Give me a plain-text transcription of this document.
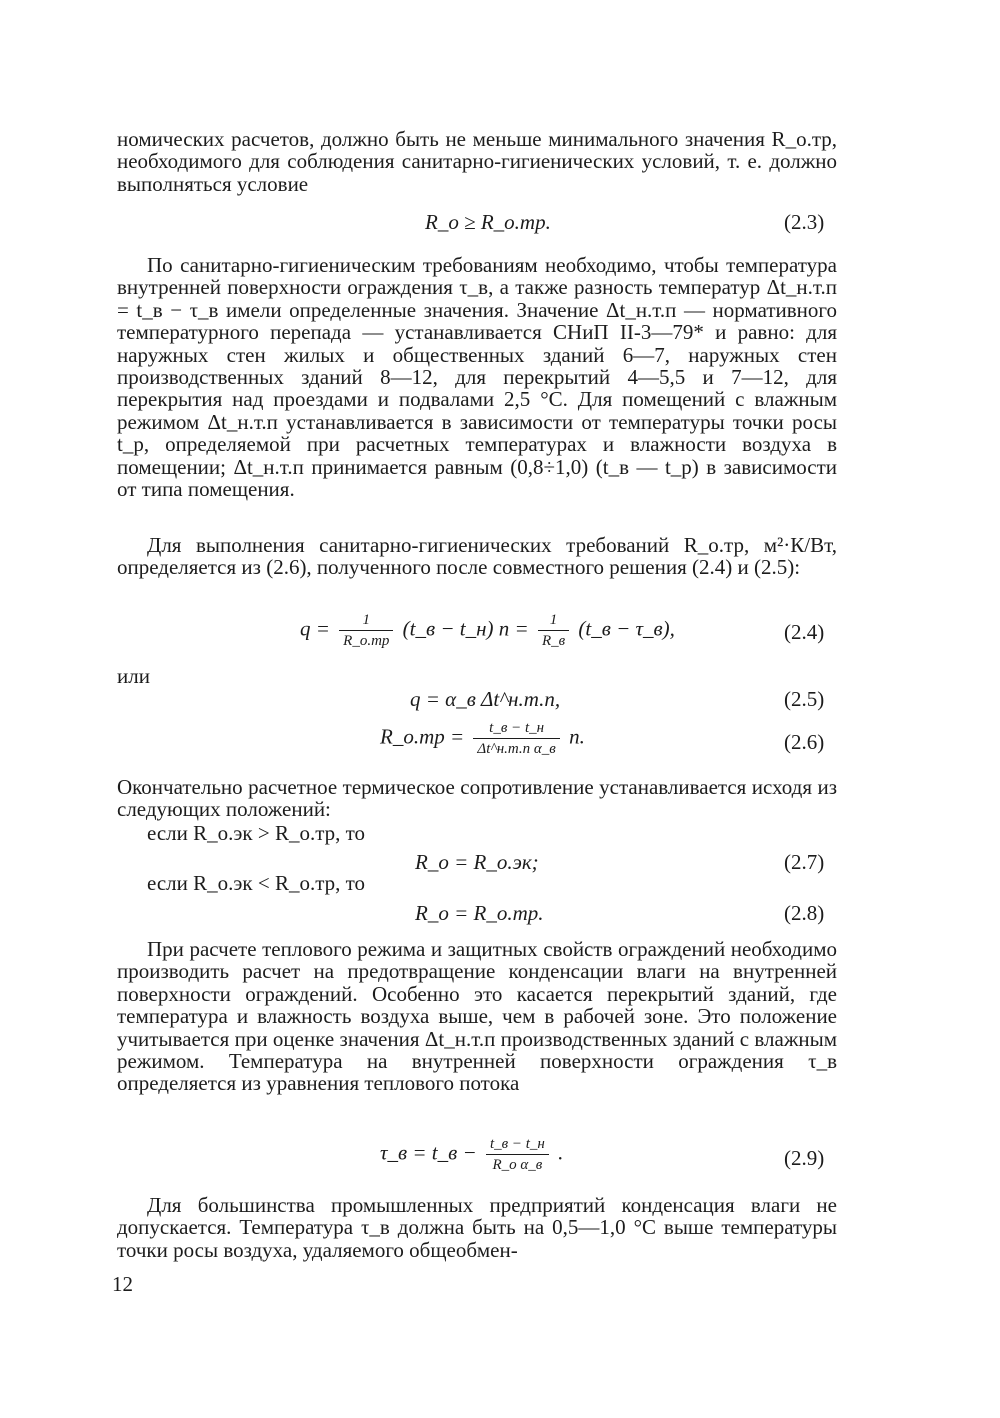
номических расчетов, должно быть не меньше минимального значения R_о.тр, необходимого для соблюдения санитарно-гигиенических условий, т. е. должно выполняться условие

R_о ≥ R_о.тр.	(2.3)

По санитарно-гигиеническим требованиям необходимо, чтобы температура внутренней поверхности ограждения τ_в, а также разность температур Δt_н.т.п = t_в − τ_в имели определенные значения. Значение Δt_н.т.п — нормативного температурного перепада — устанавливается СНиП II-3—79* и равно: для наружных стен жилых и общественных зданий 6—7, наружных стен производственных зданий 8—12, для перекрытий 4—5,5 и 7—12, для перекрытия над проездами и подвалами 2,5 °С. Для помещений с влажным режимом Δt_н.т.п устанавливается в зависимости от температуры точки росы t_р, определяемой при расчетных температурах и влажности воздуха в помещении; Δt_н.т.п принимается равным (0,8÷1,0) (t_в — t_р) в зависимости от типа помещения.

Для выполнения санитарно-гигиенических требований R_о.тр, м²·К/Вт, определяется из (2.6), полученного после совместного решения (2.4) и (2.5):

$q = \frac{1}{R\_о.тр}$ (t_в − t_н) $n = \frac{1}{R\_в}$ (t_в − τ_в),	(2.4)
или
q = α_в Δt^н.т.п,	(2.5)
R_о.тр = $\frac{t\_в - t\_н}{\text{Δt\textasciicircum{}н.т.п α\_в}} n$.	(2.6)

Окончательно расчетное термическое сопротивление устанавливается исходя из следующих положений:

если R_о.эк > R_о.тр, то
R_о = R_о.эк;	(2.7)
если R_о.эк < R_о.тр, то
R_о = R_о.тр.	(2.8)

При расчете теплового режима и защитных свойств ограждений необходимо производить расчет на предотвращение конденсации влаги на внутренней поверхности ограждений. Особенно это касается перекрытий зданий, где температура и влажность воздуха выше, чем в рабочей зоне. Это положение учитывается при оценке значения Δt_н.т.п производственных зданий с влажным режимом. Температура на внутренней поверхности ограждения τ_в определяется из уравнения теплового потока

τ_в = t_в − $\frac{t\_в - t\_н}{\text{R\_о α\_в}}$ .	(2.9)

Для большинства промышленных предприятий конденсация влаги не допускается. Температура τ_в должна быть на 0,5—1,0 °С выше температуры точки росы воздуха, удаляемого общеобмен-

12
